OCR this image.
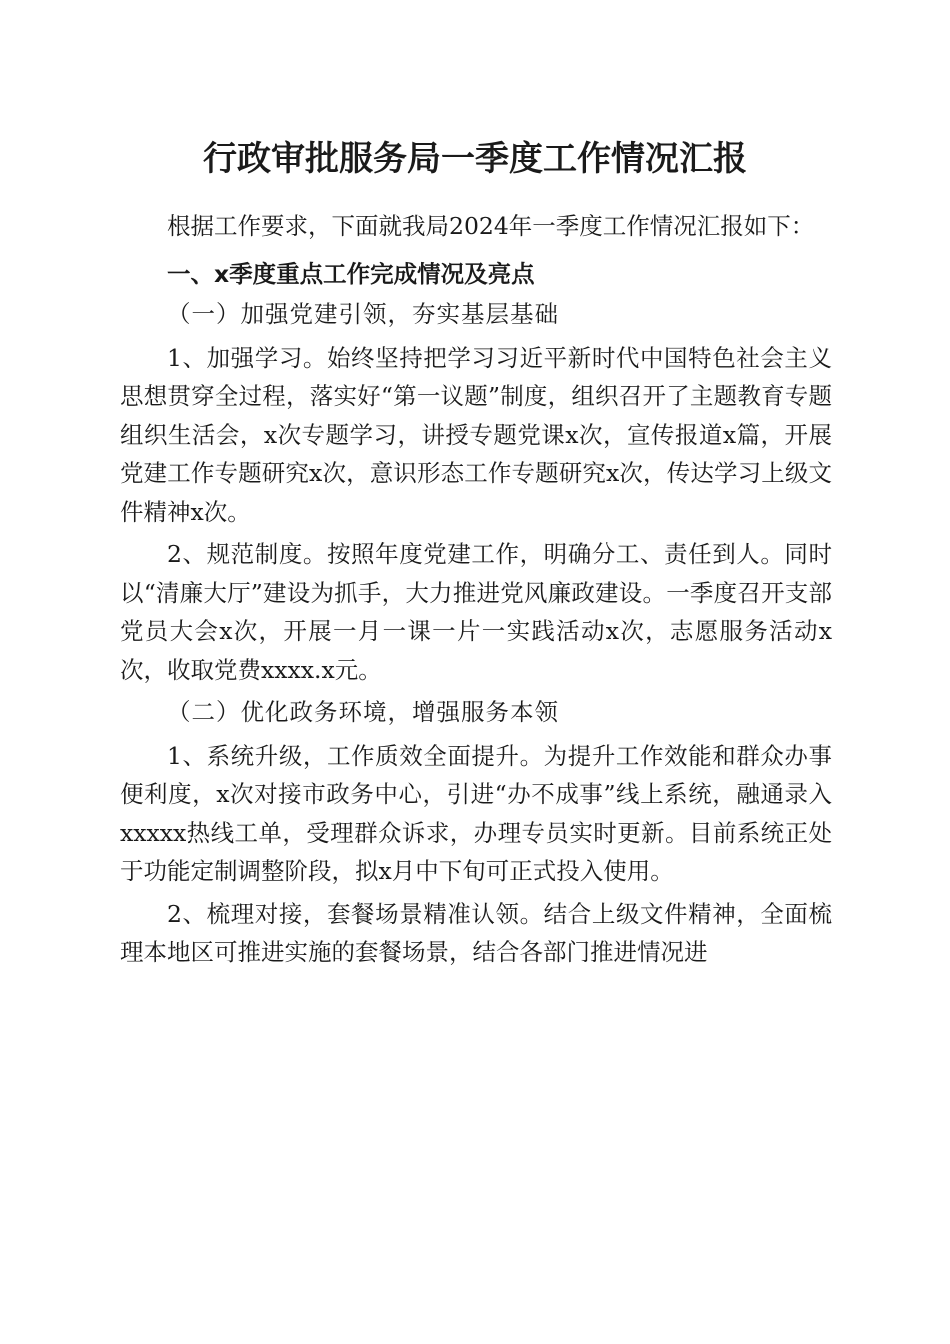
行政审批服务局一季度工作情况汇报

根据工作要求，下面就我局2024年一季度工作情况汇报如下：

一、x季度重点工作完成情况及亮点

（一）加强党建引领，夯实基层基础

1、加强学习。始终坚持把学习习近平新时代中国特色社会主义思想贯穿全过程，落实好“第一议题”制度，组织召开了主题教育专题组织生活会，x次专题学习，讲授专题党课x次，宣传报道x篇，开展党建工作专题研究x次，意识形态工作专题研究x次，传达学习上级文件精神x次。

2、规范制度。按照年度党建工作，明确分工、责任到人。同时以“清廉大厅”建设为抓手，大力推进党风廉政建设。一季度召开支部党员大会x次，开展一月一课一片一实践活动x次，志愿服务活动x次，收取党费xxxx.x元。

（二）优化政务环境，增强服务本领

1、系统升级，工作质效全面提升。为提升工作效能和群众办事便利度，x次对接市政务中心，引进“办不成事”线上系统，融通录入xxxxx热线工单，受理群众诉求，办理专员实时更新。目前系统正处于功能定制调整阶段，拟x月中下旬可正式投入使用。

2、梳理对接，套餐场景精准认领。结合上级文件精神，全面梳理本地区可推进实施的套餐场景，结合各部门推进情况进
